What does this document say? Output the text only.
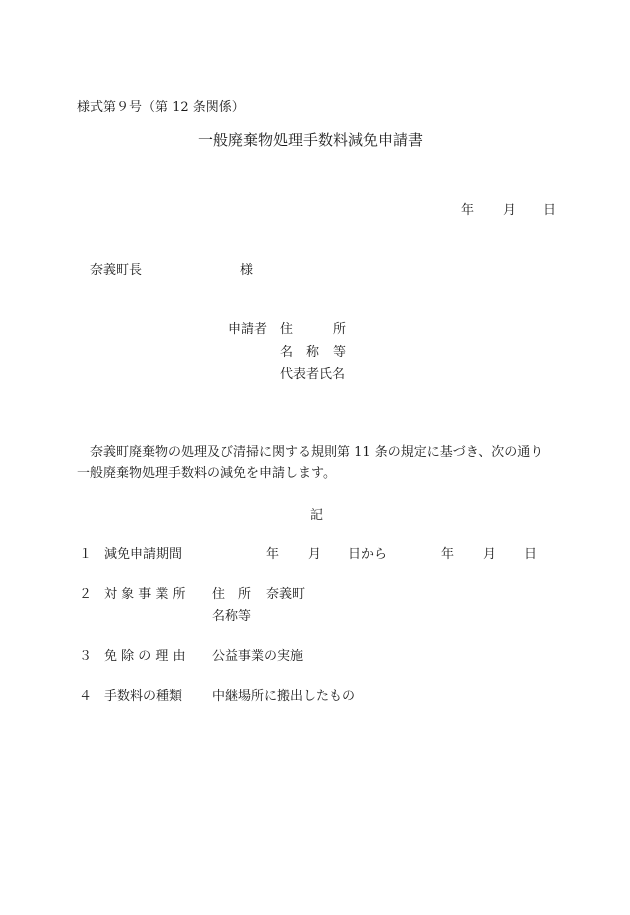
様式第９号（第 12 条関係）
一般廃棄物処理手数料減免申請書
年 月 日
奈義町長	様
申請者 住	所
名 称 等
代表者氏名
奈義町廃棄物の処理及び清掃に関する規則第 11 条の規定に基づき、次の通り
一般廃棄物処理手数料の減免を申請します。
記
１ 減免申請期間	年 月 日から	年 月 日
２ 対 象 事 業 所 住　所 奈義町
名称等
３ 免 除 の 理 由 公益事業の実施
４ 手数料の種類 中継場所に搬出したもの
